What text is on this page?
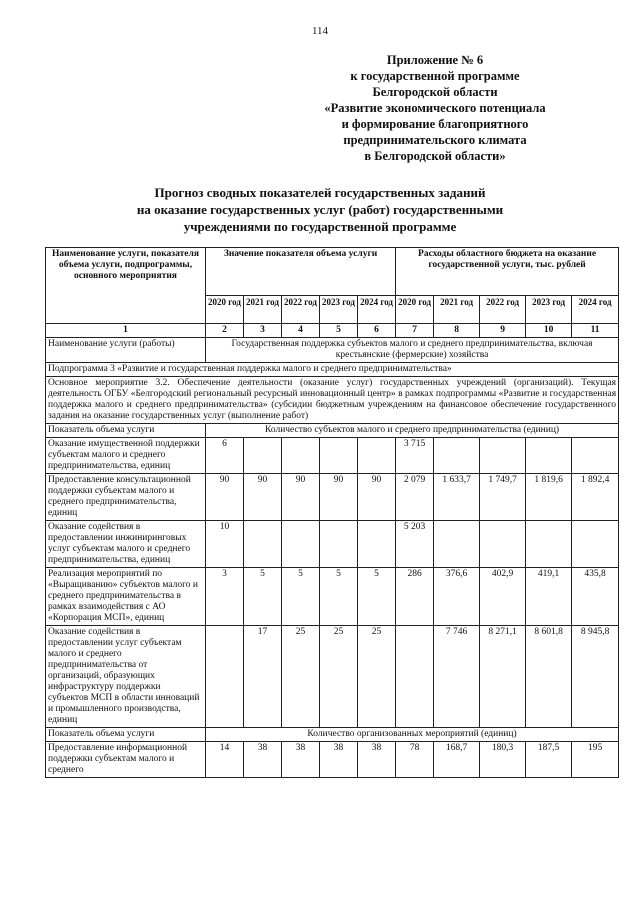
114
Приложение № 6
к государственной программе
Белгородской области
«Развитие экономического потенциала
и формирование благоприятного
предпринимательского климата
в Белгородской области»
Прогноз сводных показателей государственных заданий
на оказание государственных услуг (работ) государственными
учреждениями по государственной программе
Наименование услуги, показателя объема услуги, подпрограммы, основного мероприятия	Значение показателя объема услуги					Расходы областного бюджета на оказание государственной услуги, тыс. рублей				
	2020 год	2021 год	2022 год	2023 год	2024 год	2020 год	2021 год	2022 год	2023 год	2024 год
1	2	3	4	5	6	7	8	9	10	11
Наименование услуги (работы)	Государственная поддержка субъектов малого и среднего предпринимательства, включая крестьянские (фермерские) хозяйства									
Подпрограмма 3 «Развитие и государственная поддержка малого и среднего предпринимательства»										
Основное мероприятие 3.2. Обеспечение деятельности (оказание услуг) государственных учреждений (организаций). Текущая деятельность ОГБУ «Белгородский региональный ресурсный инновационный центр» в рамках подпрограммы «Развитие и государственная поддержка малого и среднего предпринимательства» (субсидии бюджетным учреждениям на финансовое обеспечение государственного задания на оказание государственных услуг (выполнение работ)										
Показатель объема услуги	Количество субъектов малого и среднего предпринимательства (единиц)									
Оказание имущественной поддержки субъектам малого и среднего предпринимательства, единиц	6					3 715				
Предоставление консультационной поддержки субъектам малого и среднего предпринимательства, единиц	90	90	90	90	90	2 079	1 633,7	1 749,7	1 819,6	1 892,4
Оказание содействия в предоставлении инжиниринговых услуг субъектам малого и среднего предпринимательства, единиц	10					5 203				
Реализация мероприятий по «Выращиванию» субъектов малого и среднего предпринимательства в рамках взаимодействия с АО «Корпорация МСП», единиц	3	5	5	5	5	286	376,6	402,9	419,1	435,8
Оказание содействия в предоставлении услуг субъектам малого и среднего предпринимательства от организаций, образующих инфраструктуру поддержки субъектов МСП в области инноваций и промышленного производства, единиц		17	25	25	25		7 746	8 271,1	8 601,8	8 945,8
Показатель объема услуги	Количество организованных мероприятий (единиц)									
Предоставление информационной поддержки субъектам малого и среднего	14	38	38	38	38	78	168,7	180,3	187,5	195
